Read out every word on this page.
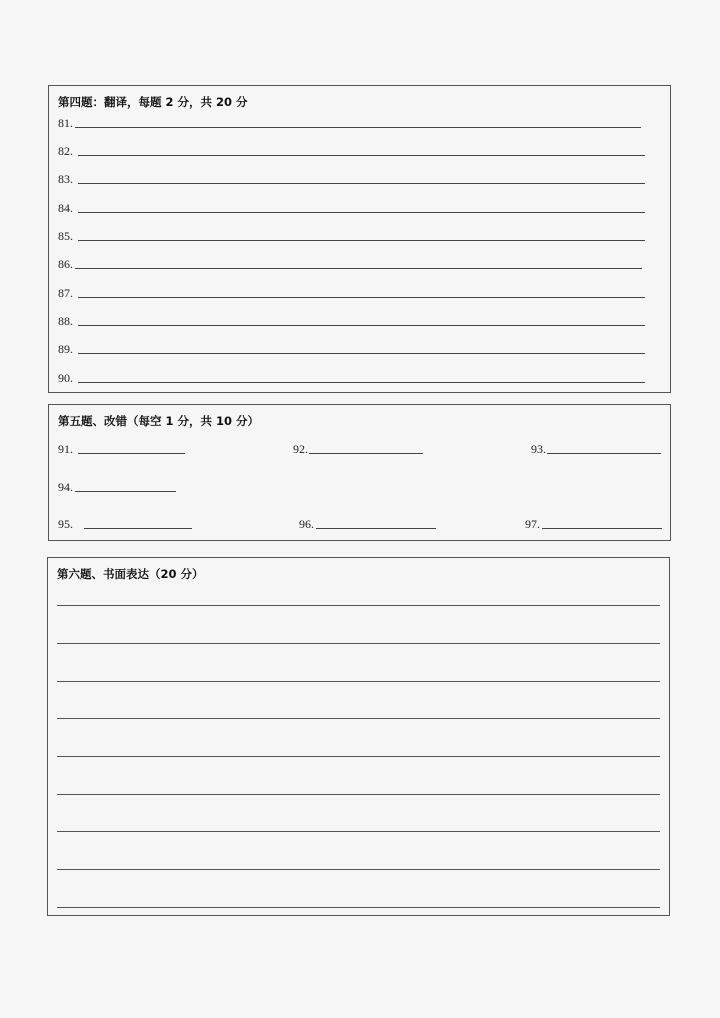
第四题：翻译，每题 2 分，共 20 分
81.
82.
83.
84.
85.
86.
87.
88.
89.
90.
第五题、改错（每空 1 分，共 10 分）
91.	92.	93.
94.
95.	96.	97.
第六题、书面表达（20 分）
